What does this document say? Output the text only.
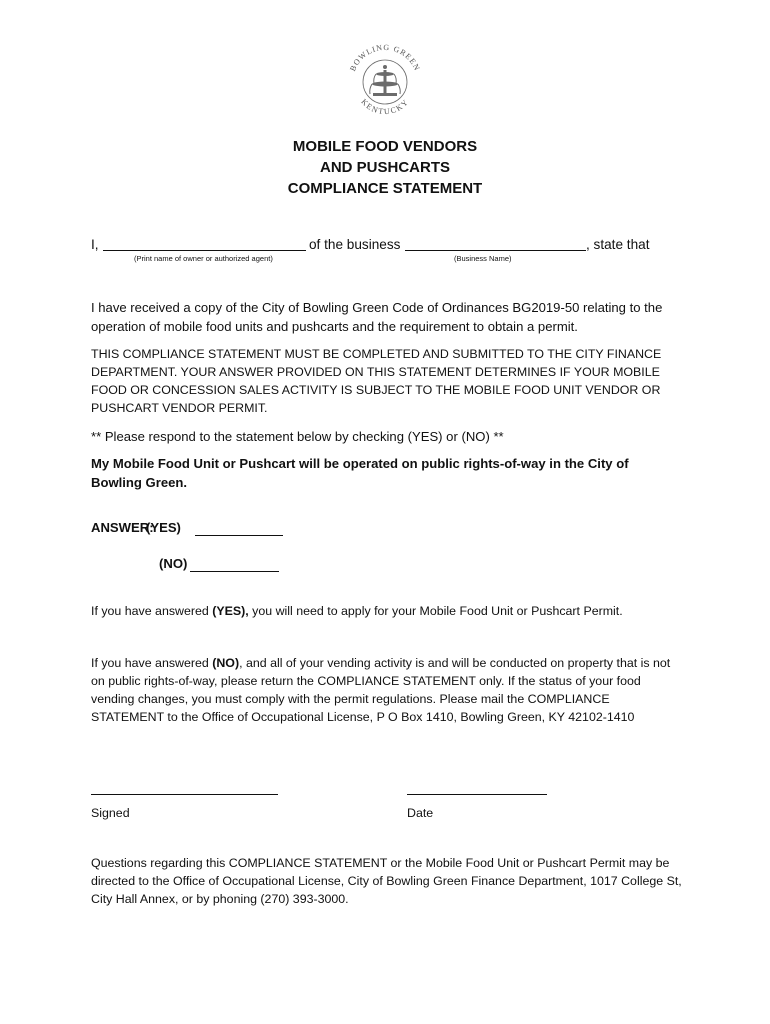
BOWLING GREEN
KENTUCKY
MOBILE FOOD VENDORS
AND PUSHCARTS
COMPLIANCE STATEMENT
I,	of the business	, state that
(Print name of owner or authorized agent)	(Business Name)
I have received a copy of the City of Bowling Green Code of Ordinances BG2019-50 relating to the operation of mobile food units and pushcarts and the requirement to obtain a permit.
THIS COMPLIANCE STATEMENT MUST BE COMPLETED AND SUBMITTED TO THE CITY FINANCE DEPARTMENT. YOUR ANSWER PROVIDED ON THIS STATEMENT DETERMINES IF YOUR MOBILE FOOD OR CONCESSION SALES ACTIVITY IS SUBJECT TO THE MOBILE FOOD UNIT VENDOR OR PUSHCART VENDOR PERMIT.
** Please respond to the statement below by checking (YES) or (NO) **
My Mobile Food Unit or Pushcart will be operated on public rights-of-way in the City of Bowling Green.
ANSWER:
(YES)
(NO)
If you have answered (YES), you will need to apply for your Mobile Food Unit or Pushcart Permit.
If you have answered (NO), and all of your vending activity is and will be conducted on property that is not on public rights-of-way, please return the COMPLIANCE STATEMENT only. If the status of your food vending changes, you must comply with the permit regulations. Please mail the COMPLIANCE STATEMENT to the Office of Occupational License, P O Box 1410, Bowling Green, KY 42102-1410
Signed	Date
Questions regarding this COMPLIANCE STATEMENT or the Mobile Food Unit or Pushcart Permit may be directed to the Office of Occupational License, City of Bowling Green Finance Department, 1017 College St, City Hall Annex, or by phoning (270) 393-3000.
